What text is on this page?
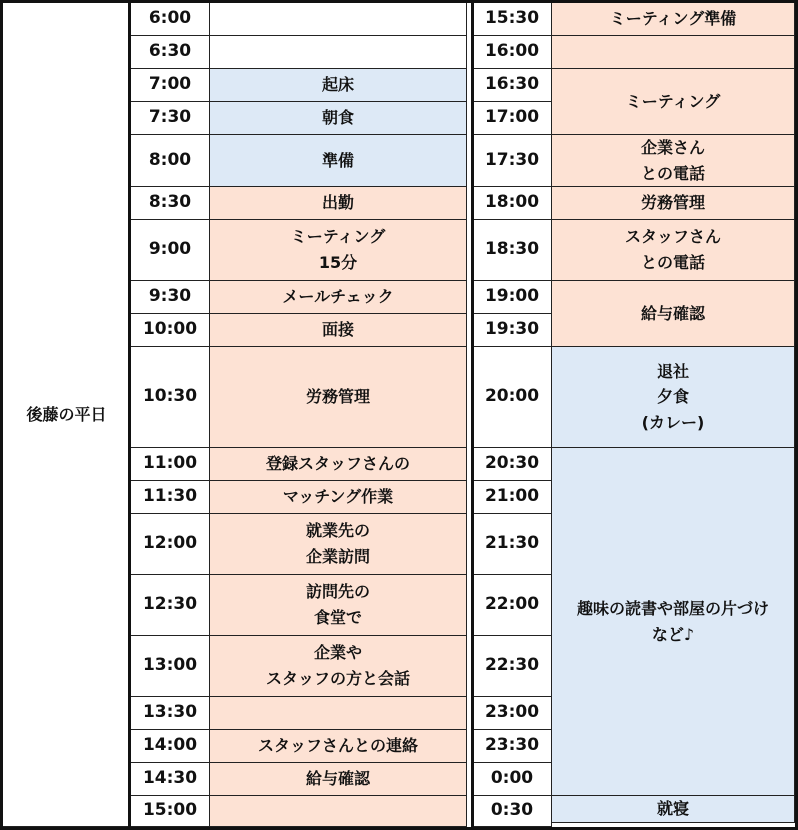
後藤の平日
6:00
6:30
7:00
7:30
8:00
8:30
9:00
9:30
10:00
10:30
11:00
11:30
12:00
12:30
13:00
13:30
14:00
14:30
15:00
起床
朝食
準備
出勤
ミーティング
15分
メールチェック
面接
労務管理
登録スタッフさんの
マッチング作業
就業先の
企業訪問
訪問先の
食堂で
企業や
スタッフの方と会話
スタッフさんとの連絡
給与確認
15:30
16:00
16:30
17:00
17:30
18:00
18:30
19:00
19:30
20:00
20:30
21:00
21:30
22:00
22:30
23:00
23:30
0:00
0:30
ミーティング準備
ミーティング
企業さん
との電話
労務管理
スタッフさん
との電話
給与確認
退社
夕食
(カレー)
趣味の読書や部屋の片づけ
など♪
就寝
